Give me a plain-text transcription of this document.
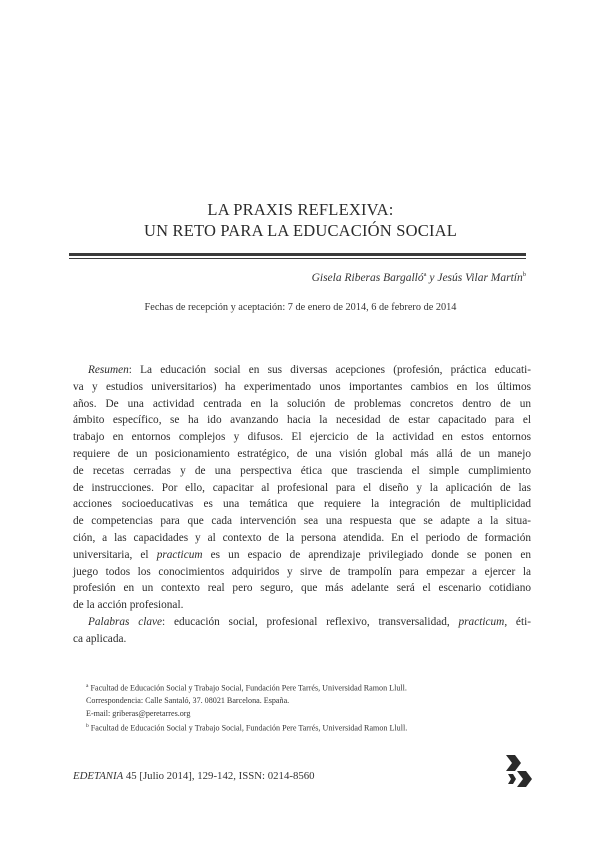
LA PRAXIS REFLEXIVA:
UN RETO PARA LA EDUCACIÓN SOCIAL
Gisela Riberas Bargalló$^a$ y Jesús Vilar Martín$^b$
Fechas de recepción y aceptación: 7 de enero de 2014, 6 de febrero de 2014
Resumen: La educación social en sus diversas acepciones (profesión, práctica educati-
va y estudios universitarios) ha experimentado unos importantes cambios en los últimos
años. De una actividad centrada en la solución de problemas concretos dentro de un
ámbito específico, se ha ido avanzando hacia la necesidad de estar capacitado para el
trabajo en entornos complejos y difusos. El ejercicio de la actividad en estos entornos
requiere de un posicionamiento estratégico, de una visión global más allá de un manejo
de recetas cerradas y de una perspectiva ética que trascienda el simple cumplimiento
de instrucciones. Por ello, capacitar al profesional para el diseño y la aplicación de las
acciones socioeducativas es una temática que requiere la integración de multiplicidad
de competencias para que cada intervención sea una respuesta que se adapte a la situa-
ción, a las capacidades y al contexto de la persona atendida. En el periodo de formación
universitaria, el practicum es un espacio de aprendizaje privilegiado donde se ponen en
juego todos los conocimientos adquiridos y sirve de trampolín para empezar a ejercer la
profesión en un contexto real pero seguro, que más adelante será el escenario cotidiano
de la acción profesional.
Palabras clave: educación social, profesional reflexivo, transversalidad, practicum, éti-
ca aplicada.
$^a$ Facultad de Educación Social y Trabajo Social, Fundación Pere Tarrés, Universidad Ramon Llull.
Correspondencia: Calle Santaló, 37. 08021 Barcelona. España.
E-mail: griberas@peretarres.org
$^b$ Facultad de Educación Social y Trabajo Social, Fundación Pere Tarrés, Universidad Ramon Llull.
EDETANIA 45 [Julio 2014], 129-142, ISSN: 0214-8560
